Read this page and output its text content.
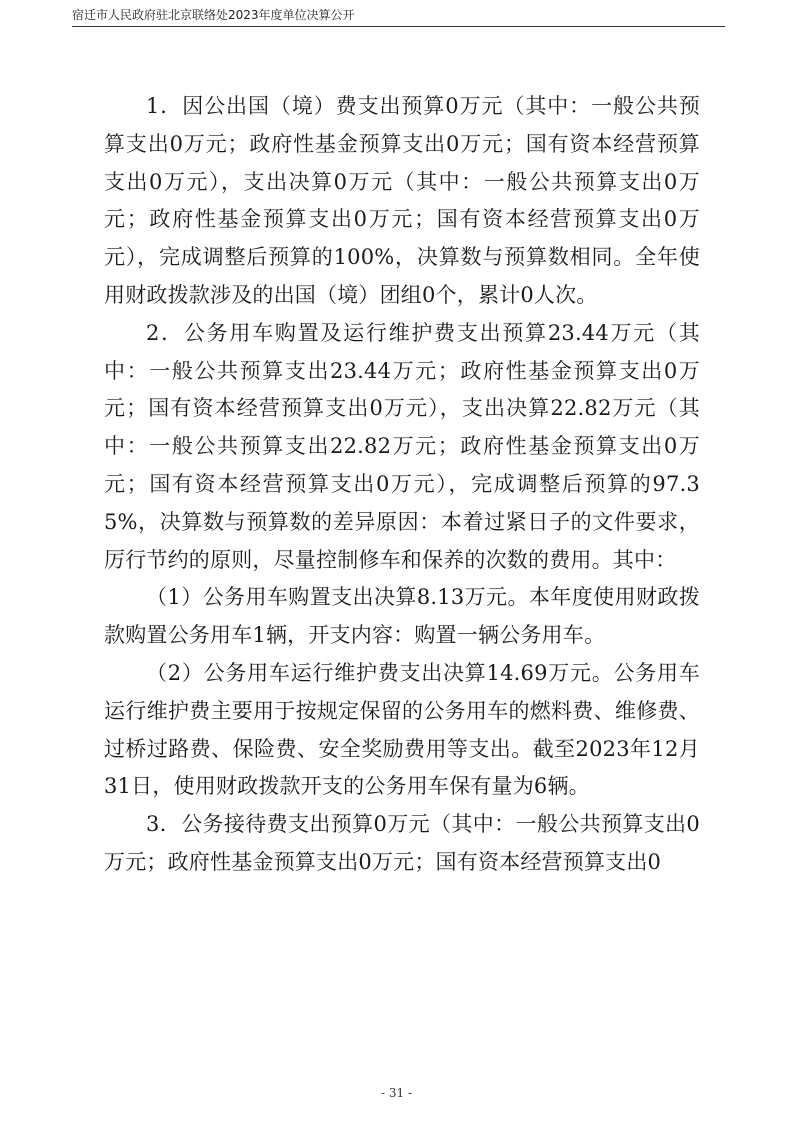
宿迁市人民政府驻北京联络处2023年度单位决算公开

1．因公出国（境）费支出预算0万元（其中：一般公共预算支出0万元；政府性基金预算支出0万元；国有资本经营预算支出0万元），支出决算0万元（其中：一般公共预算支出0万元；政府性基金预算支出0万元；国有资本经营预算支出0万元），完成调整后预算的100%，决算数与预算数相同。全年使用财政拨款涉及的出国（境）团组0个，累计0人次。

2．公务用车购置及运行维护费支出预算23.44万元（其中：一般公共预算支出23.44万元；政府性基金预算支出0万元；国有资本经营预算支出0万元），支出决算22.82万元（其中：一般公共预算支出22.82万元；政府性基金预算支出0万元；国有资本经营预算支出0万元），完成调整后预算的97.35%，决算数与预算数的差异原因：本着过紧日子的文件要求，厉行节约的原则，尽量控制修车和保养的次数的费用。其中：

（1）公务用车购置支出决算8.13万元。本年度使用财政拨款购置公务用车1辆，开支内容：购置一辆公务用车。

（2）公务用车运行维护费支出决算14.69万元。公务用车运行维护费主要用于按规定保留的公务用车的燃料费、维修费、过桥过路费、保险费、安全奖励费用等支出。截至2023年12月31日，使用财政拨款开支的公务用车保有量为6辆。

3．公务接待费支出预算0万元（其中：一般公共预算支出0万元；政府性基金预算支出0万元；国有资本经营预算支出0

- 31 -
